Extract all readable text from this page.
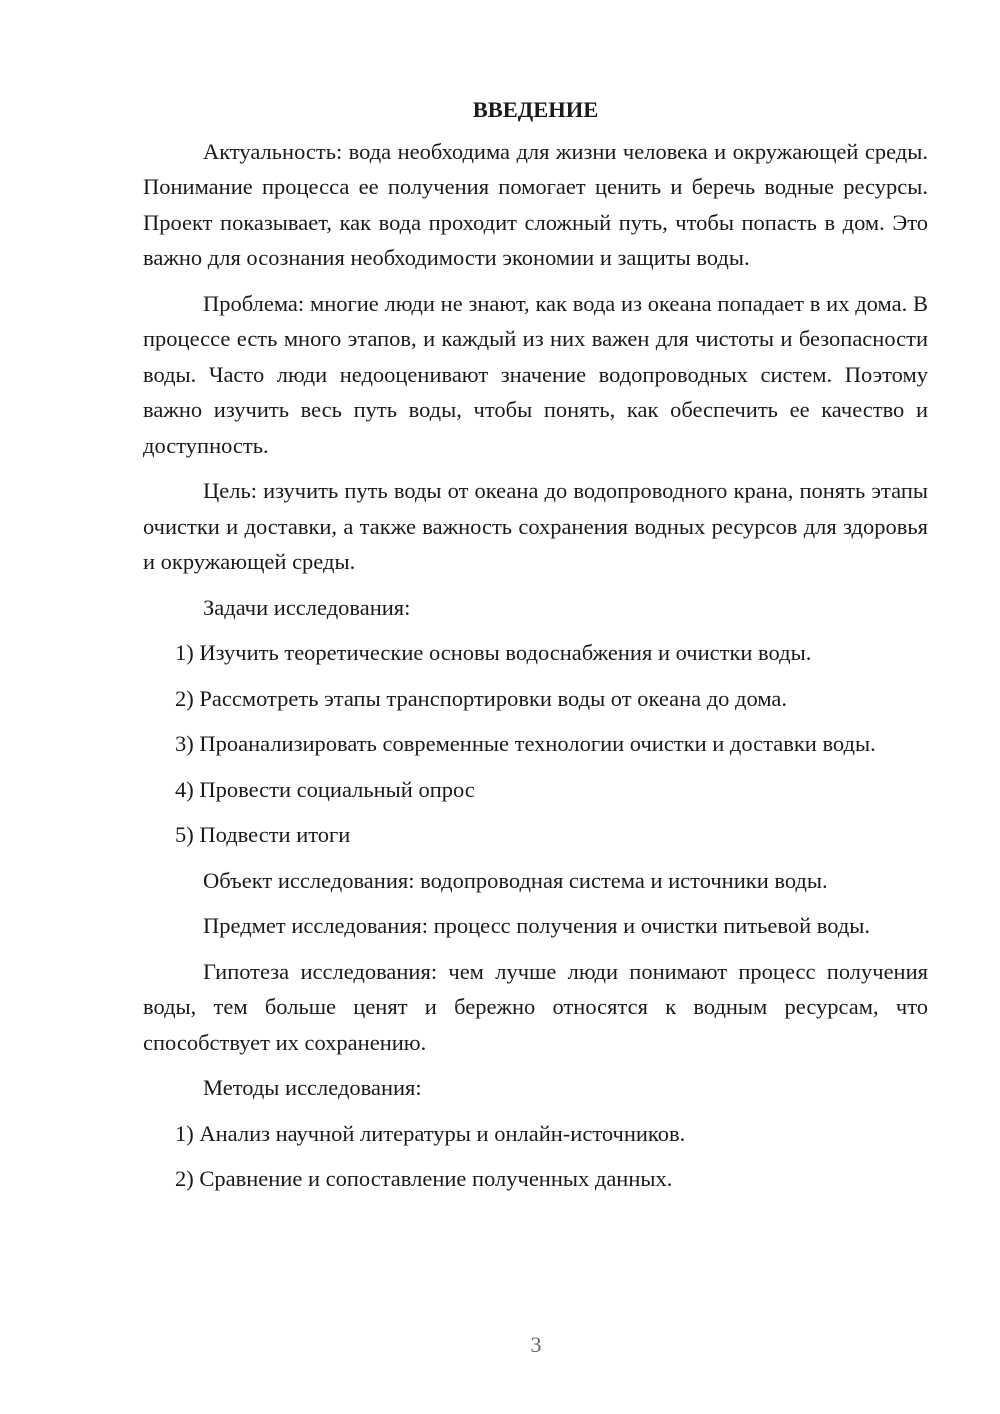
ВВЕДЕНИЕ

Актуальность: вода необходима для жизни человека и окружающей среды. Понимание процесса ее получения помогает ценить и беречь водные ресурсы. Проект показывает, как вода проходит сложный путь, чтобы попасть в дом. Это важно для осознания необходимости экономии и защиты воды.

Проблема: многие люди не знают, как вода из океана попадает в их дома. В процессе есть много этапов, и каждый из них важен для чистоты и безопасности воды. Часто люди недооценивают значение водопроводных систем. Поэтому важно изучить весь путь воды, чтобы понять, как обеспечить ее качество и доступность.

Цель: изучить путь воды от океана до водопроводного крана, понять этапы очистки и доставки, а также важность сохранения водных ресурсов для здоровья и окружающей среды.

Задачи исследования:

1) Изучить теоретические основы водоснабжения и очистки воды.

2) Рассмотреть этапы транспортировки воды от океана до дома.

3) Проанализировать современные технологии очистки и доставки воды.

4) Провести социальный опрос

5) Подвести итоги

Объект исследования: водопроводная система и источники воды.

Предмет исследования: процесс получения и очистки питьевой воды.

Гипотеза исследования: чем лучше люди понимают процесс получения воды, тем больше ценят и бережно относятся к водным ресурсам, что способствует их сохранению.

Методы исследования:

1) Анализ научной литературы и онлайн-источников.

2) Сравнение и сопоставление полученных данных.

3
